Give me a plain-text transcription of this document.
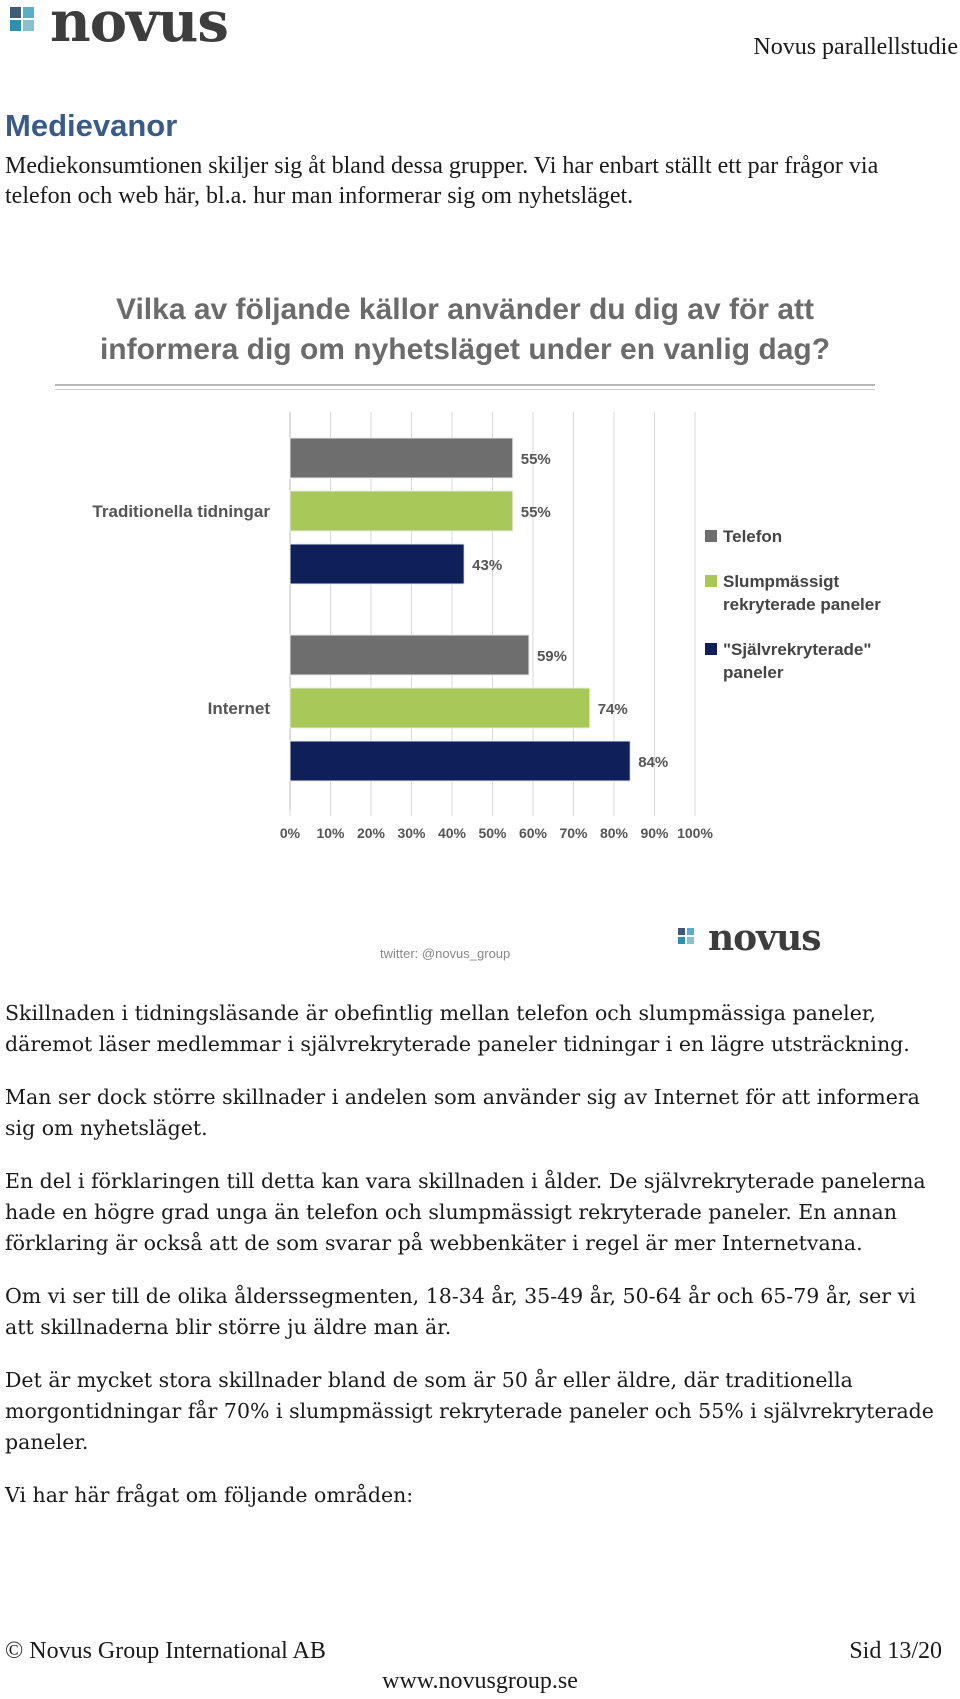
novus	Novus parallellstudie
Medievanor
Mediekonsumtionen skiljer sig åt bland dessa grupper. Vi har enbart ställt ett par frågor via telefon och web här, bl.a. hur man informerar sig om nyhetsläget.
Vilka av följande källor använder du dig av för att
informera dig om nyhetsläget under en vanlig dag?
0% 10% 20% 30% 40% 50% 60% 70% 80% 90% 100%
55%
55%
43%
Traditionella tidningar
59%
74%
84%
Internet
Telefon
Slumpmässigt
rekryterade paneler
"Självrekryterade"
paneler
twitter: @novus_group	novus

Skillnaden i tidningsläsande är obefintlig mellan telefon och slumpmässiga paneler, däremot läser medlemmar i självrekryterade paneler tidningar i en lägre utsträckning.

Man ser dock större skillnader i andelen som använder sig av Internet för att informera sig om nyhetsläget.

En del i förklaringen till detta kan vara skillnaden i ålder. De självrekryterade panelerna hade en högre grad unga än telefon och slumpmässigt rekryterade paneler. En annan förklaring är också att de som svarar på webbenkäter i regel är mer Internetvana.

Om vi ser till de olika ålderssegmenten, 18-34 år, 35-49 år, 50-64 år och 65-79 år, ser vi att skillnaderna blir större ju äldre man är.

Det är mycket stora skillnader bland de som är 50 år eller äldre, där traditionella morgontidningar får 70% i slumpmässigt rekryterade paneler och 55% i självrekryterade paneler.

Vi har här frågat om följande områden:

© Novus Group International AB	Sid 13/20
www.novusgroup.se
